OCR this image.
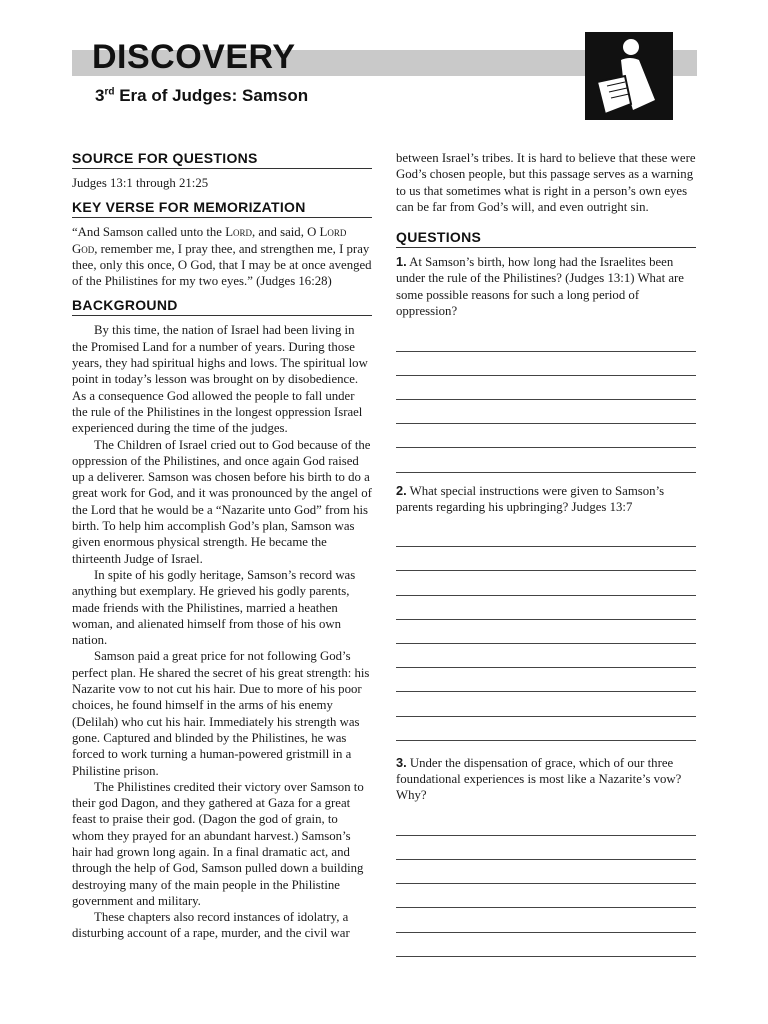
DISCOVERY
3rd Era of Judges: Samson
SOURCE FOR QUESTIONS

Judges 13:1 through 21:25

KEY VERSE FOR MEMORIZATION

“And Samson called unto the Lord, and said, O Lord God, remember me, I pray thee, and strengthen me, I pray thee, only this once, O God, that I may be at once avenged of the Philistines for my two eyes.” (Judges 16:28)

BACKGROUND

By this time, the nation of Israel had been living in the Promised Land for a number of years. During those years, they had spiritual highs and lows. The spiritual low point in today’s lesson was brought on by disobedience. As a consequence God allowed the people to fall under the rule of the Philistines in the longest oppression Israel experienced during the time of the judges.

The Children of Israel cried out to God because of the oppression of the Philistines, and once again God raised up a deliverer. Samson was chosen before his birth to do a great work for God, and it was pronounced by the angel of the Lord that he would be a “Nazarite unto God” from his birth. To help him accomplish God’s plan, Samson was given enormous physical strength. He became the thirteenth Judge of Israel.

In spite of his godly heritage, Samson’s record was anything but exemplary. He grieved his godly parents, made friends with the Philistines, married a heathen woman, and alienated himself from those of his own nation.

Samson paid a great price for not following God’s perfect plan. He shared the secret of his great strength: his Nazarite vow to not cut his hair. Due to more of his poor choices, he found himself in the arms of his enemy (Delilah) who cut his hair. Immediately his strength was gone. Captured and blinded by the Philistines, he was forced to work turning a human-powered gristmill in a Philistine prison.

The Philistines credited their victory over Samson to their god Dagon, and they gathered at Gaza for a great feast to praise their god. (Dagon the god of grain, to whom they prayed for an abundant harvest.) Samson’s hair had grown long again. In a final dramatic act, and through the help of God, Samson pulled down a building destroying many of the main people in the Philistine government and military.

These chapters also record instances of idolatry, a disturbing account of a rape, murder, and the civil war

between Israel’s tribes. It is hard to believe that these were God’s chosen people, but this passage serves as a warning to us that sometimes what is right in a person’s own eyes can be far from God’s will, and even outright sin.

QUESTIONS

1. At Samson’s birth, how long had the Israelites been under the rule of the Philistines? (Judges 13:1) What are some possible reasons for such a long period of oppression?

2. What special instructions were given to Samson’s parents regarding his upbringing? Judges 13:7

3. Under the dispensation of grace, which of our three foundational experiences is most like a Nazarite’s vow? Why?
